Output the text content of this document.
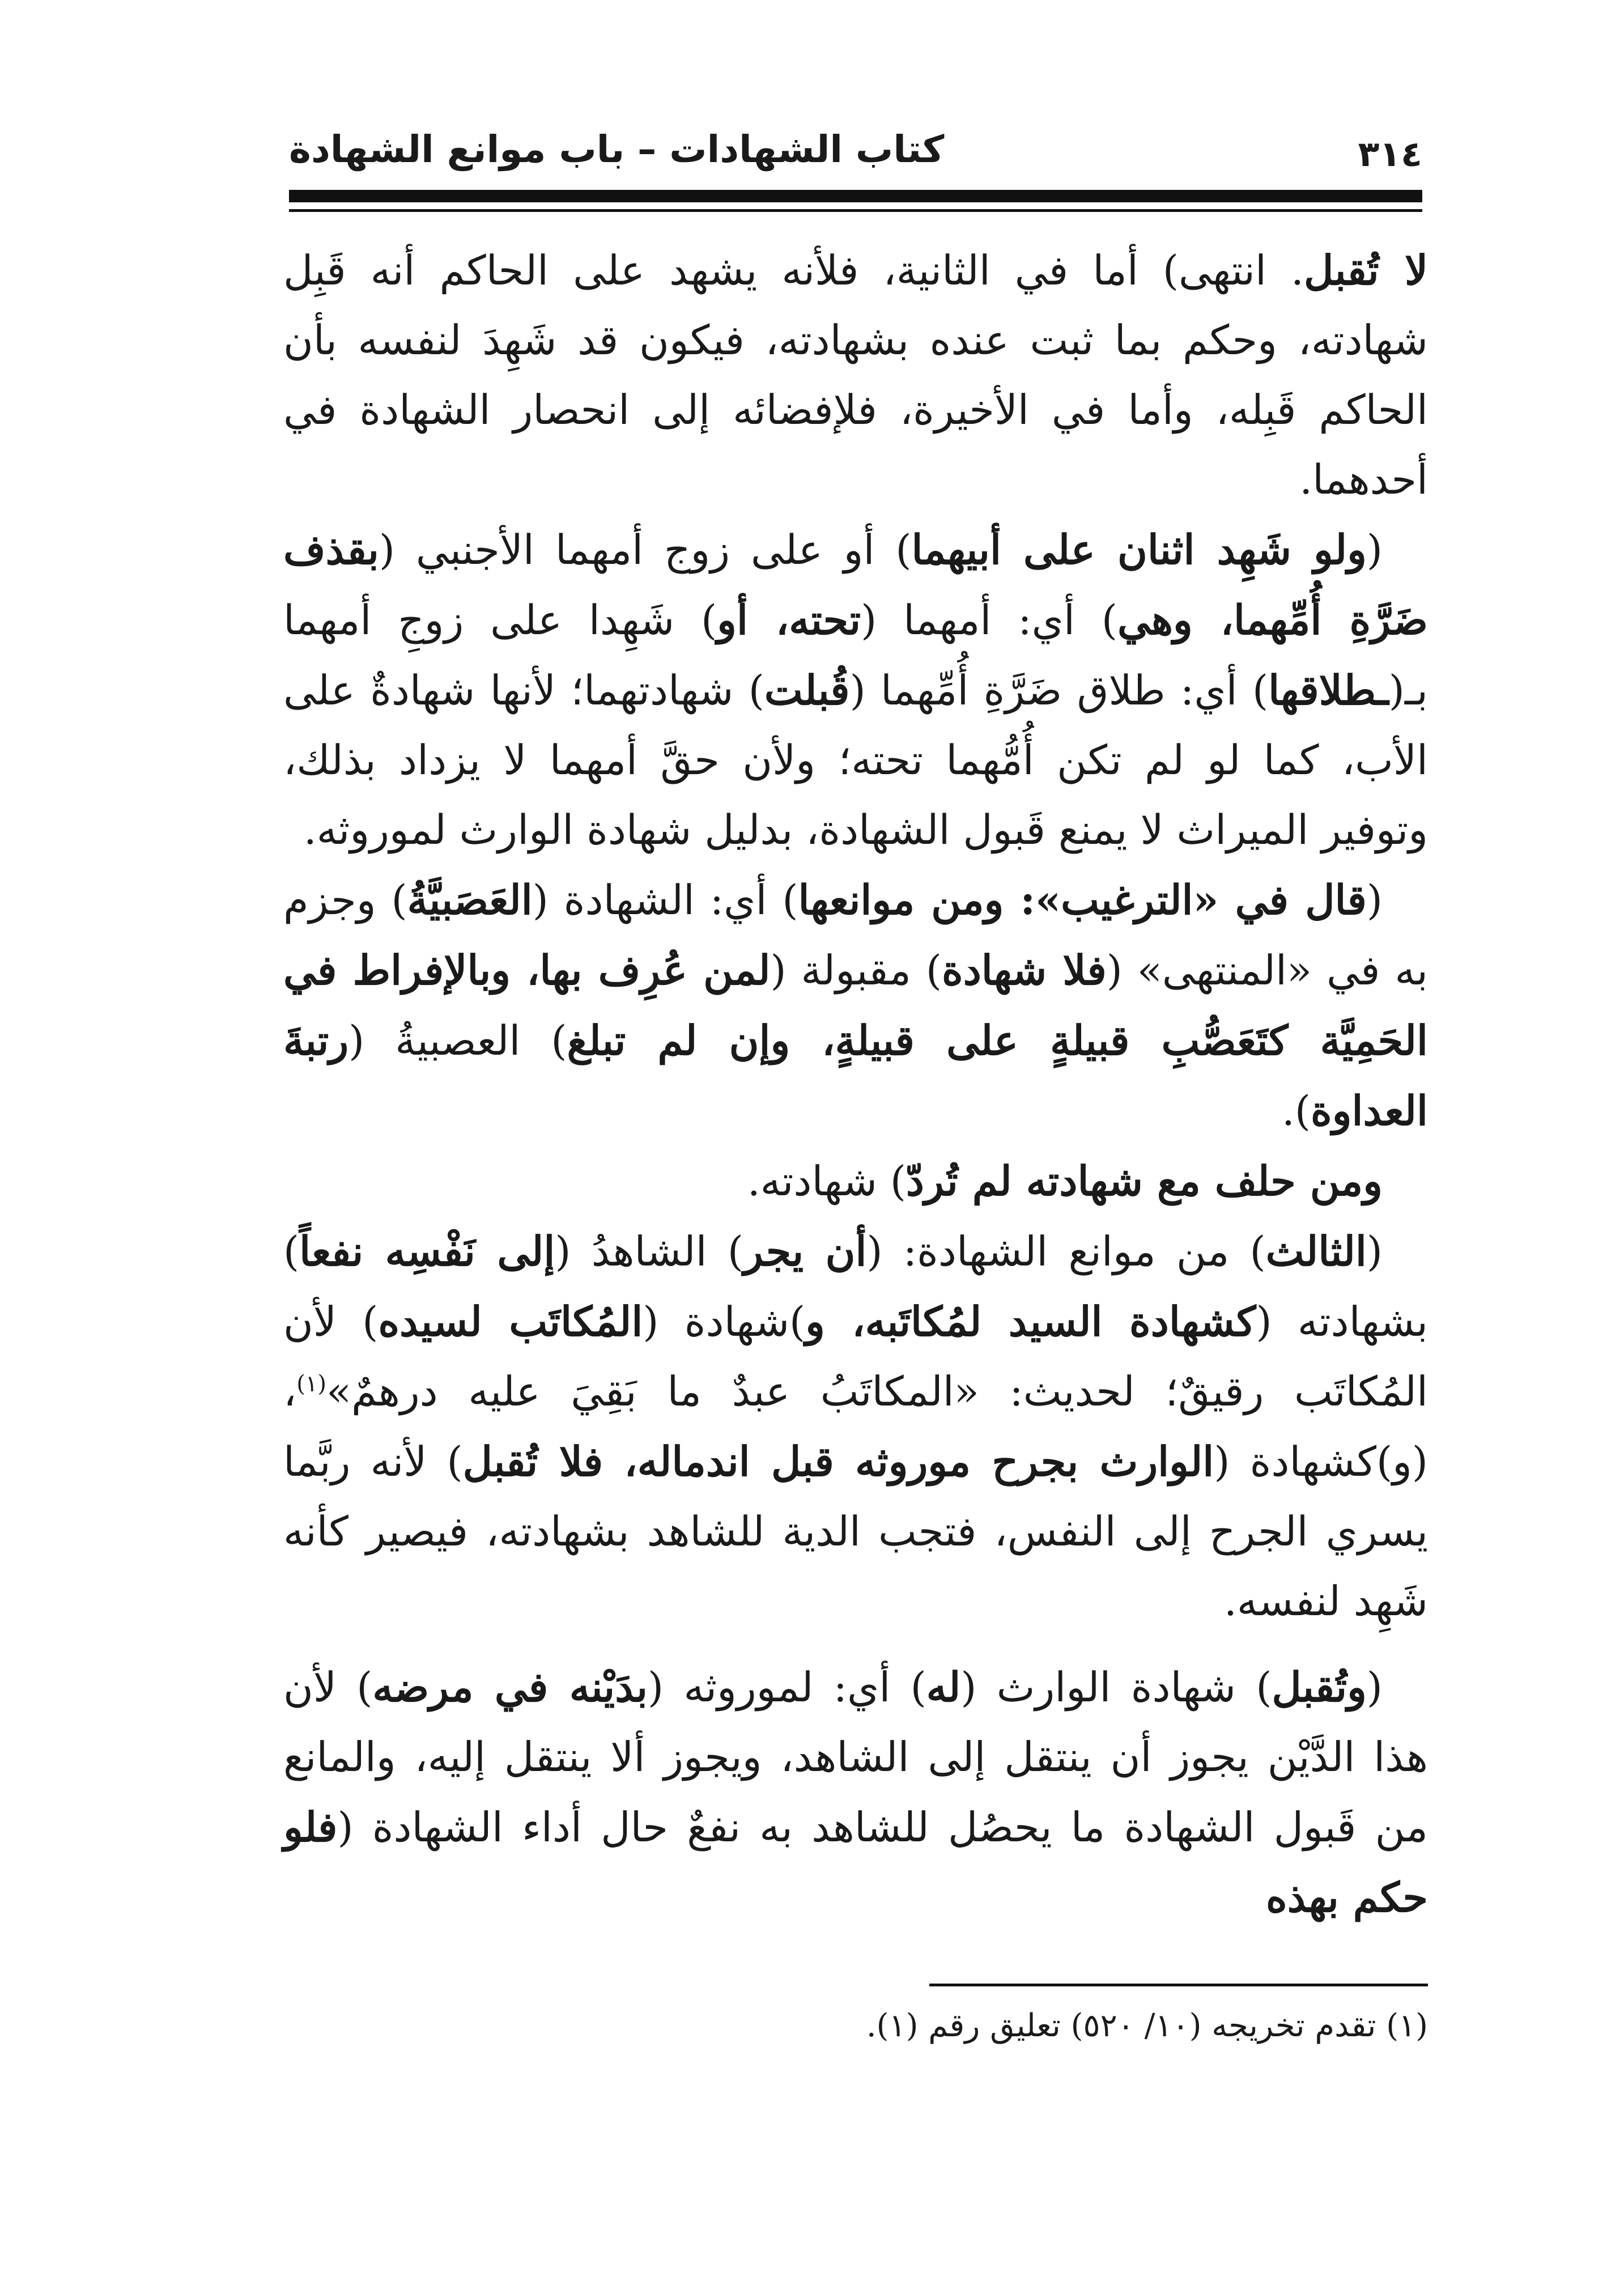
٣١٤
كتاب الشهادات – باب موانع الشهادة

لا تُقبل. انتهى) أما في الثانية، فلأنه يشهد على الحاكم أنه قَبِل شهادته، وحكم بما ثبت عنده بشهادته، فيكون قد شَهِدَ لنفسه بأن الحاكم قَبِله، وأما في الأخيرة، فلإفضائه إلى انحصار الشهادة في أحدهما.

(ولو شَهِد اثنان على أبيهما) أو على زوج أمهما الأجنبي (بقذف ضَرَّةِ أُمِّهما، وهي) أي: أمهما (تحته، أو) شَهِدا على زوجِ أمهما بـ(ـطلاقها) أي: طلاق ضَرَّةِ أُمِّهما (قُبلت) شهادتهما؛ لأنها شهادةٌ على الأب، كما لو لم تكن أُمُّهما تحته؛ ولأن حقَّ أمهما لا يزداد بذلك، وتوفير الميراث لا يمنع قَبول الشهادة، بدليل شهادة الوارث لموروثه.

(قال في «الترغيب»: ومن موانعها) أي: الشهادة (العَصَبيَّةُ) وجزم به في «المنتهى» (فلا شهادة) مقبولة (لمن عُرِف بها، وبالإفراط في الحَمِيَّة كتَعَصُّبِ قبيلةٍ على قبيلةٍ، وإن لم تبلغ) العصبيةُ (رتبةَ العداوة).

ومن حلف مع شهادته لم تُردّ) شهادته.

(الثالث) من موانع الشهادة: (أن يجر) الشاهدُ (إلى نَفْسِه نفعاً) بشهادته (كشهادة السيد لمُكاتَبه، و)شهادة (المُكاتَب لسيده) لأن المُكاتَب رقيقٌ؛ لحديث: «المكاتَبُ عبدٌ ما بَقِيَ عليه درهمٌ»$^{(١)}$، (و)كشهادة (الوارث بجرح موروثه قبل اندماله، فلا تُقبل) لأنه ربَّما يسري الجرح إلى النفس، فتجب الدية للشاهد بشهادته، فيصير كأنه شَهِد لنفسه.

(وتُقبل) شهادة الوارث (له) أي: لموروثه (بدَيْنه في مرضه) لأن هذا الدَّيْن يجوز أن ينتقل إلى الشاهد، ويجوز ألا ينتقل إليه، والمانع من قَبول الشهادة ما يحصُل للشاهد به نفعٌ حال أداء الشهادة (فلو حكم بهذه

(١) تقدم تخريجه (١٠/ ٥٢٠) تعليق رقم (١).
